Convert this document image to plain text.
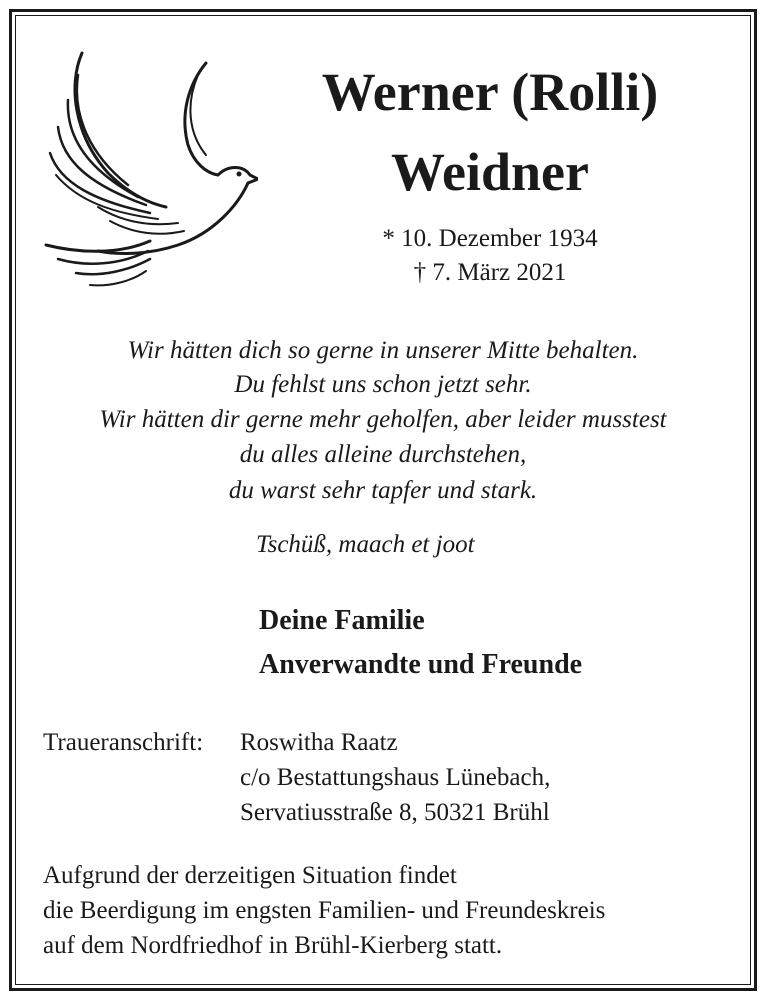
Werner (Rolli)
Weidner
* 10. Dezember 1934
† 7. März 2021
Wir hätten dich so gerne in unserer Mitte behalten.
Du fehlst uns schon jetzt sehr.
Wir hätten dir gerne mehr geholfen, aber leider musstest
du alles alleine durchstehen,
du warst sehr tapfer und stark.
Tschüß, maach et joot
Deine Familie
Anverwandte und Freunde
Traueranschrift: Roswitha Raatz
c/o Bestattungshaus Lünebach,
Servatiusstraße 8, 50321 Brühl
Aufgrund der derzeitigen Situation findet
die Beerdigung im engsten Familien- und Freundeskreis
auf dem Nordfriedhof in Brühl-Kierberg statt.
